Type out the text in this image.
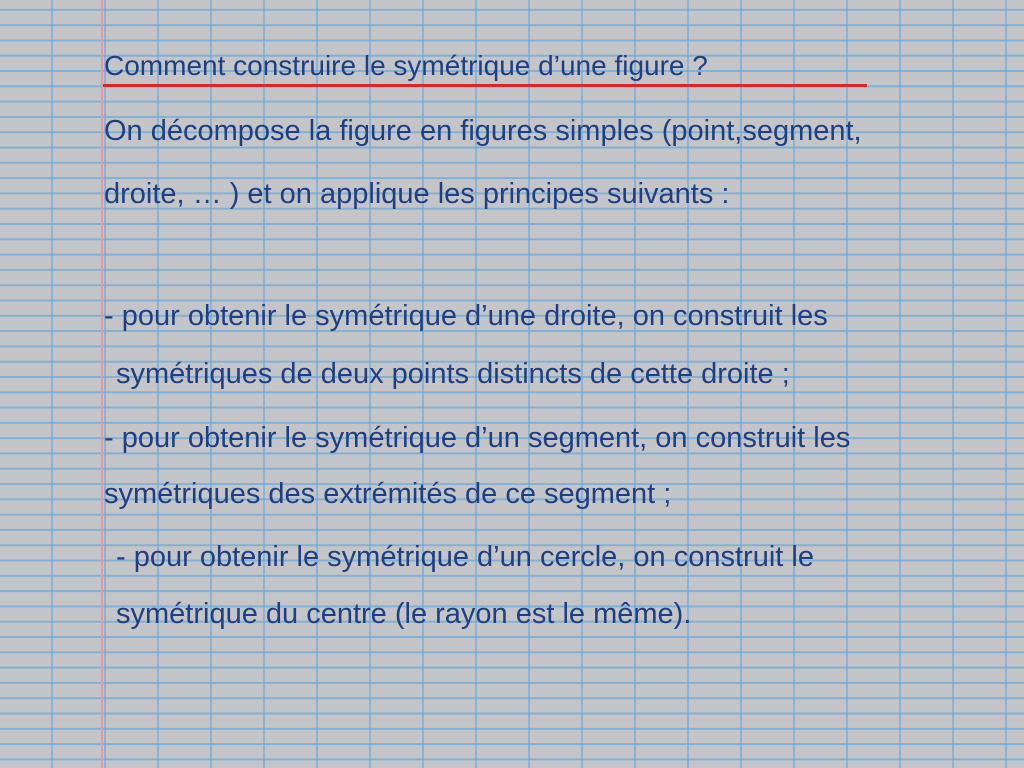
Comment construire le symétrique d’une figure ?
On décompose la figure en figures simples (point,segment,
droite, … ) et on applique les principes suivants :
- pour obtenir le symétrique d’une droite, on construit les
symétriques de deux points distincts de cette droite ;
- pour obtenir le symétrique d’un segment, on construit les
symétriques des extrémités de ce segment ;
- pour obtenir le symétrique d’un cercle, on construit le
symétrique du centre (le rayon est le même).
